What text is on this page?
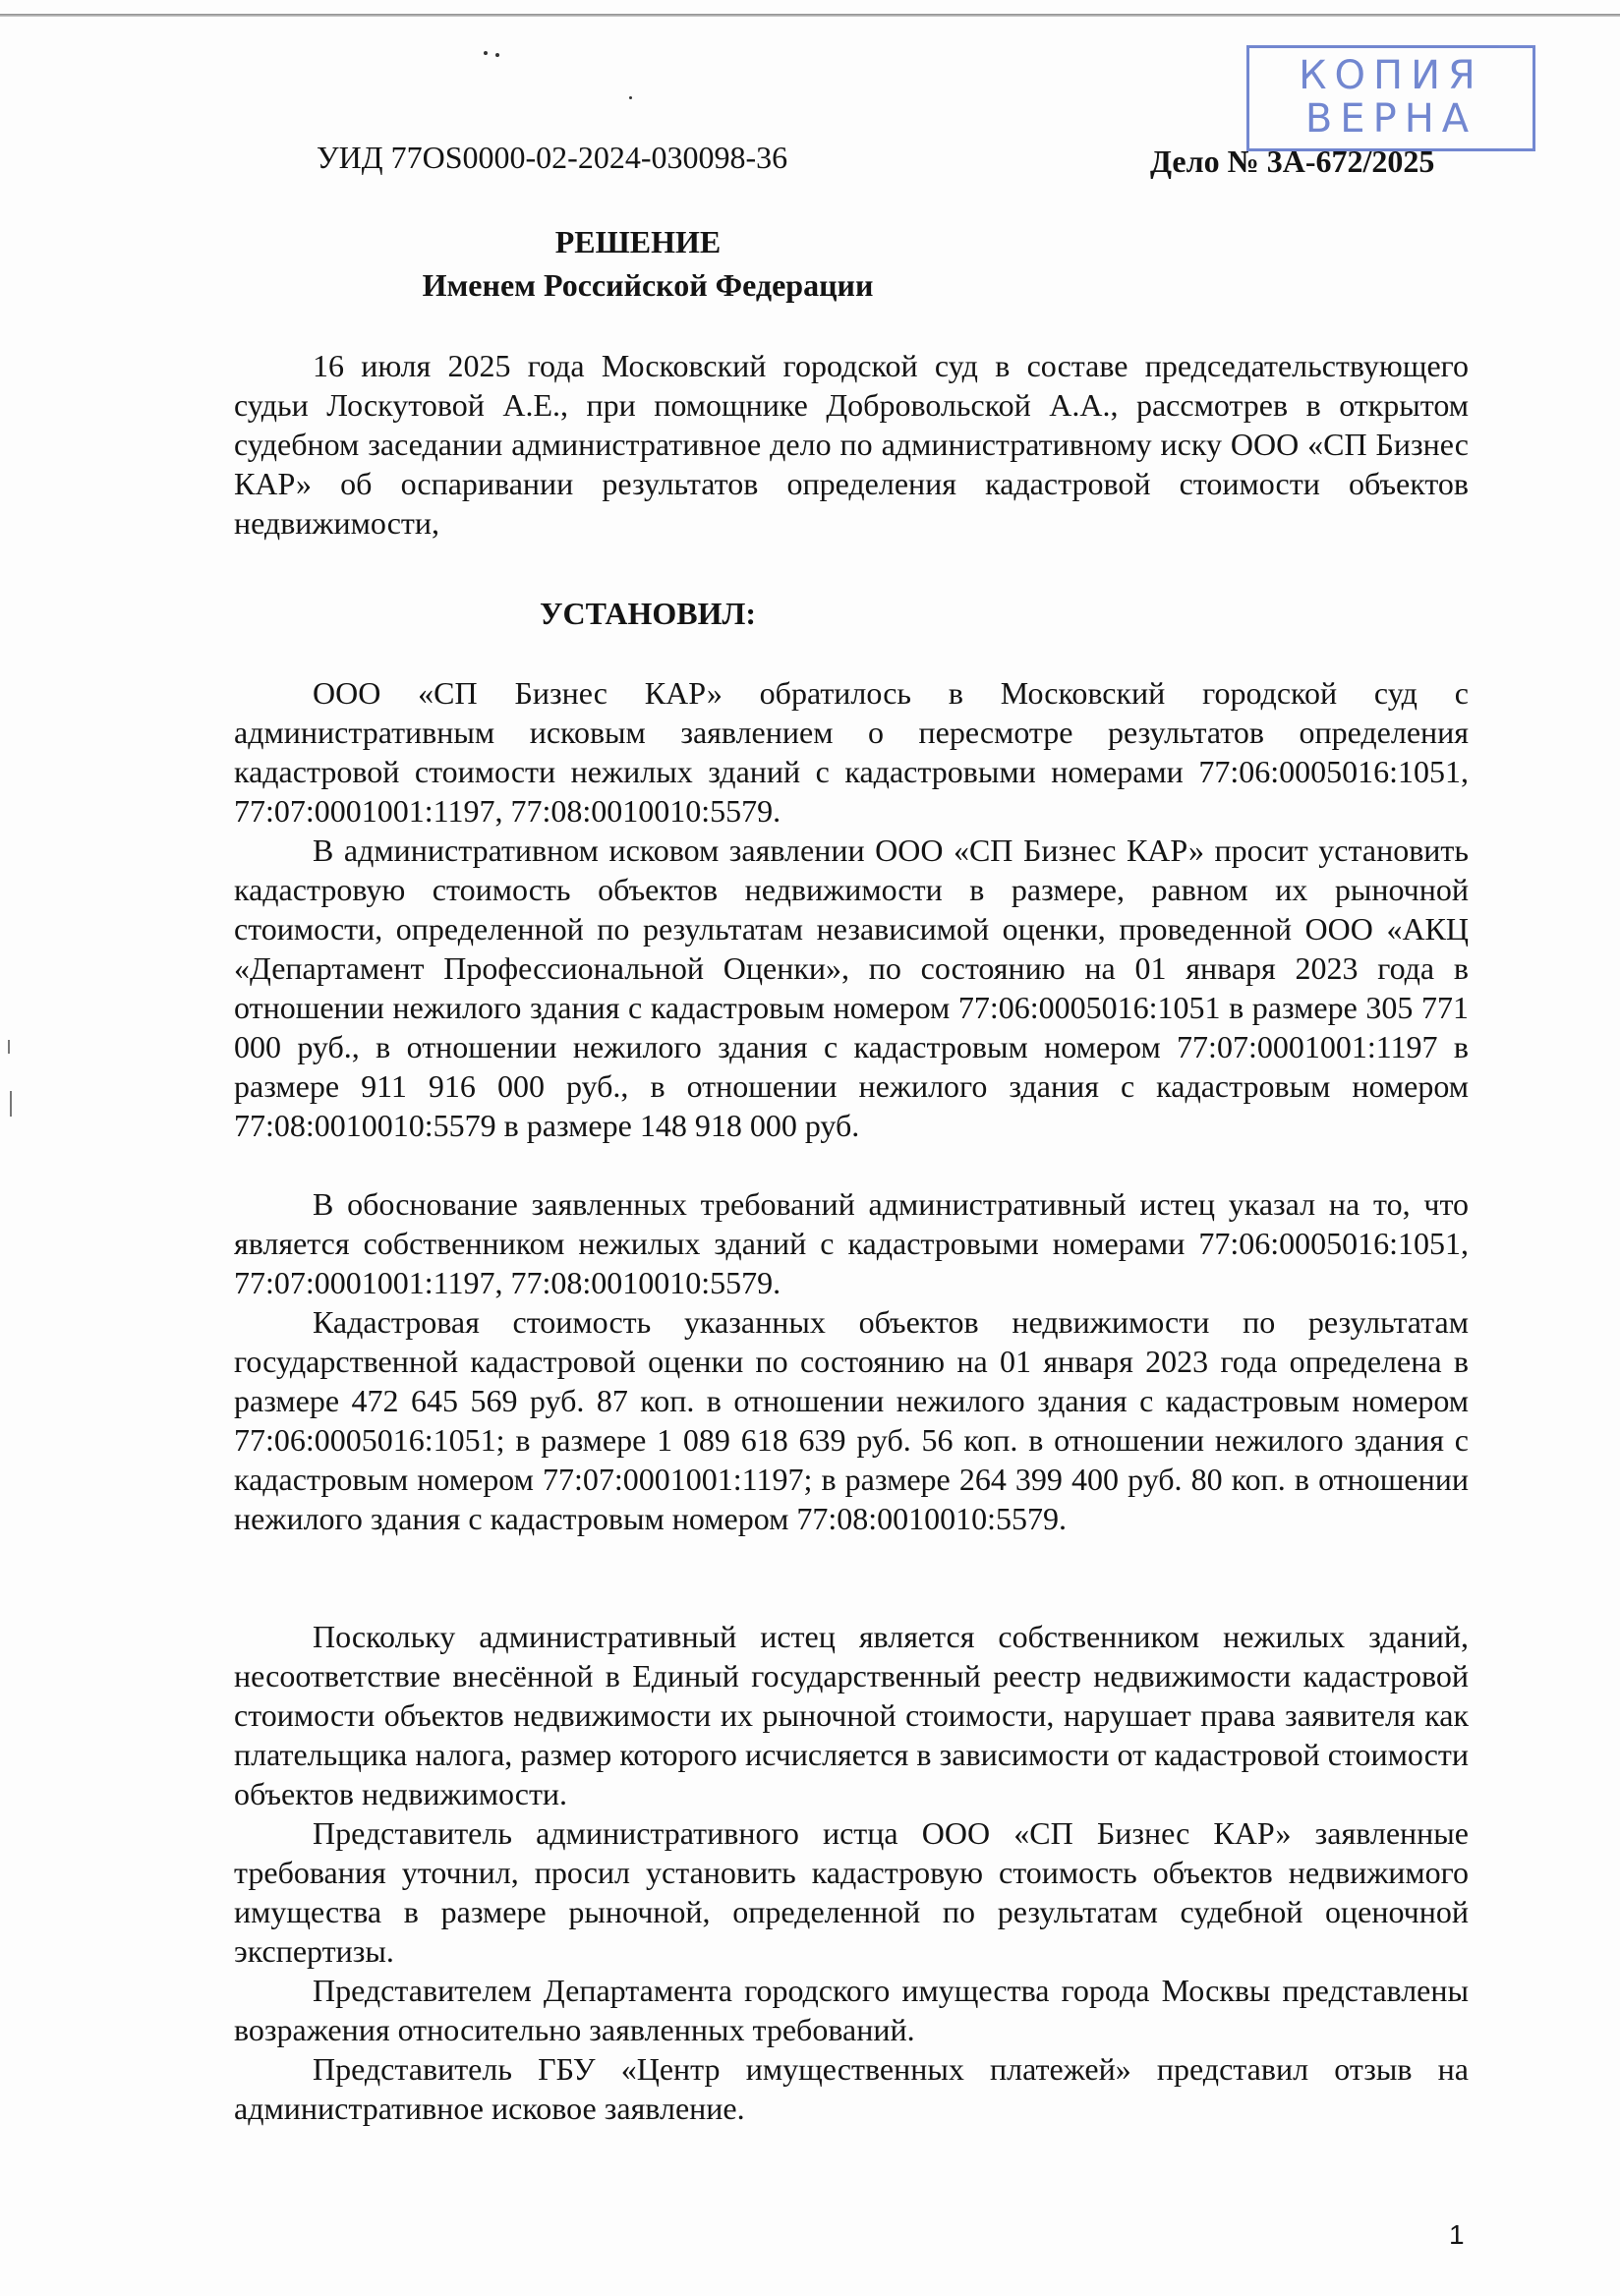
КОПИЯ
ВЕРНА
УИД 77OS0000-02-2024-030098-36	Дело № 3А-672/2025
РЕШЕНИЕ
Именем Российской Федерации
16 июля 2025 года Московский городской суд в составе председательствующего судьи Лоскутовой А.Е., при помощнике Добровольской А.А., рассмотрев в открытом судебном заседании административное дело по административному иску ООО «СП Бизнес КАР» об оспаривании результатов определения кадастровой стоимости объектов недвижимости,
УСТАНОВИЛ:
ООО «СП Бизнес КАР» обратилось в Московский городской суд с административным исковым заявлением о пересмотре результатов определения кадастровой стоимости нежилых зданий с кадастровыми номерами 77:06:0005016:1051, 77:07:0001001:1197, 77:08:0010010:5579.
В административном исковом заявлении ООО «СП Бизнес КАР» просит установить кадастровую стоимость объектов недвижимости в размере, равном их рыночной стоимости, определенной по результатам независимой оценки, проведенной ООО «АКЦ «Департамент Профессиональной Оценки», по состоянию на 01 января 2023 года в отношении нежилого здания с кадастровым номером 77:06:0005016:1051 в размере 305 771 000 руб., в отношении нежилого здания с кадастровым номером 77:07:0001001:1197 в размере 911 916 000 руб., в отношении нежилого здания с кадастровым номером 77:08:0010010:5579 в размере 148 918 000 руб.
В обоснование заявленных требований административный истец указал на то, что является собственником нежилых зданий с кадастровыми номерами 77:06:0005016:1051, 77:07:0001001:1197, 77:08:0010010:5579.
Кадастровая стоимость указанных объектов недвижимости по результатам государственной кадастровой оценки по состоянию на 01 января 2023 года определена в размере 472 645 569 руб. 87 коп. в отношении нежилого здания с кадастровым номером 77:06:0005016:1051; в размере 1 089 618 639 руб. 56 коп. в отношении нежилого здания с кадастровым номером 77:07:0001001:1197; в размере 264 399 400 руб. 80 коп. в отношении нежилого здания с кадастровым номером 77:08:0010010:5579.
Поскольку административный истец является собственником нежилых зданий, несоответствие внесённой в Единый государственный реестр недвижимости кадастровой стоимости объектов недвижимости их рыночной стоимости, нарушает права заявителя как плательщика налога, размер которого исчисляется в зависимости от кадастровой стоимости объектов недвижимости.
Представитель административного истца ООО «СП Бизнес КАР» заявленные требования уточнил, просил установить кадастровую стоимость объектов недвижимого имущества в размере рыночной, определенной по результатам судебной оценочной экспертизы.
Представителем Департамента городского имущества города Москвы представлены возражения относительно заявленных требований.
Представитель ГБУ «Центр имущественных платежей» представил отзыв на административное исковое заявление.
1
